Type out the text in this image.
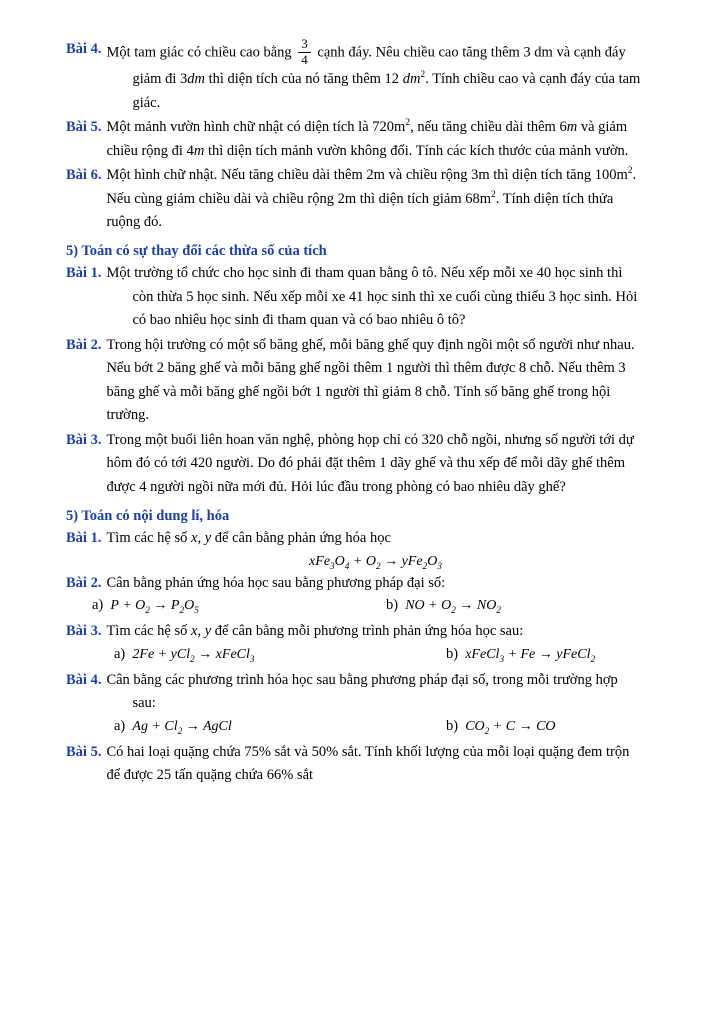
Bài 4. Một tam giác có chiều cao bằng $\frac{3}{4}$ cạnh đáy. Nêu chiều cao tăng thêm 3 dm và cạnh đáy
giảm đi 3dm thì diện tích của nó tăng thêm 12 $dm^2$. Tính chiều cao và cạnh đáy của tam
giác.
Bài 5. Một mảnh vườn hình chữ nhật có diện tích là $720m^2$, nếu tăng chiều dài thêm 6m và giảm
chiều rộng đi 4m thì diện tích mảnh vườn không đổi. Tính các kích thước của mảnh vườn.
Bài 6. Một hình chữ nhật. Nếu tăng chiều dài thêm 2m và chiều rộng 3m thì diện tích tăng $100m^2$.
Nếu cùng giảm chiều dài và chiều rộng 2m thì diện tích giảm $68m^2$. Tính diện tích thửa
ruộng đó.
5) Toán có sự thay đổi các thừa số của tích
Bài 1. Một trường tổ chức cho học sinh đi tham quan bằng ô tô. Nếu xếp mỗi xe 40 học sinh thì
còn thừa 5 học sinh. Nếu xếp mỗi xe 41 học sinh thì xe cuối cùng thiếu 3 học sinh. Hỏi
có bao nhiêu học sinh đi tham quan và có bao nhiêu ô tô?
Bài 2. Trong hội trường có một số băng ghế, mỗi băng ghế quy định ngồi một số người như nhau.
Nếu bớt 2 băng ghế và mỗi băng ghế ngồi thêm 1 người thì thêm được 8 chỗ. Nếu thêm 3
băng ghế và mỗi băng ghế ngồi bớt 1 người thì giảm 8 chỗ. Tính số băng ghế trong hội
trường.
Bài 3. Trong một buổi liên hoan văn nghệ, phòng họp chỉ có 320 chỗ ngồi, nhưng số người tới dự
hôm đó có tới 420 người. Do đó phải đặt thêm 1 dãy ghế và thu xếp để mỗi dãy ghế thêm
được 4 người ngồi nữa mới đủ. Hỏi lúc đầu trong phòng có bao nhiêu dãy ghế?
5) Toán có nội dung lí, hóa
Bài 1. Tìm các hệ số x, y để cân bằng phản ứng hóa học
$xFe_3O_4 + O_2 \to yFe_2O_3$
Bài 2. Cân bằng phản ứng hóa học sau bằng phương pháp đại số:
a)  $P + O_2 \to P_2O_5$	b)  NO + $O_2 \to NO_2$
Bài 3. Tìm các hệ số x, y để cân bằng mỗi phương trình phản ứng hóa học sau:
a)  2Fe + yCl$_2$ → xFeCl$_3$	b)  xFeCl$_3$ + Fe → yFeCl$_2$
Bài 4. Cân bằng các phương trình hóa học sau bằng phương pháp đại số, trong mỗi trường hợp
sau:
a)  $Ag + Cl_2$ → AgCl	b)  $CO_2 + C$ → CO
Bài 5. Có hai loại quặng chứa 75% sắt và 50% sắt. Tính khối lượng của mỗi loại quặng đem trộn
để được 25 tấn quặng chứa 66% sắt
